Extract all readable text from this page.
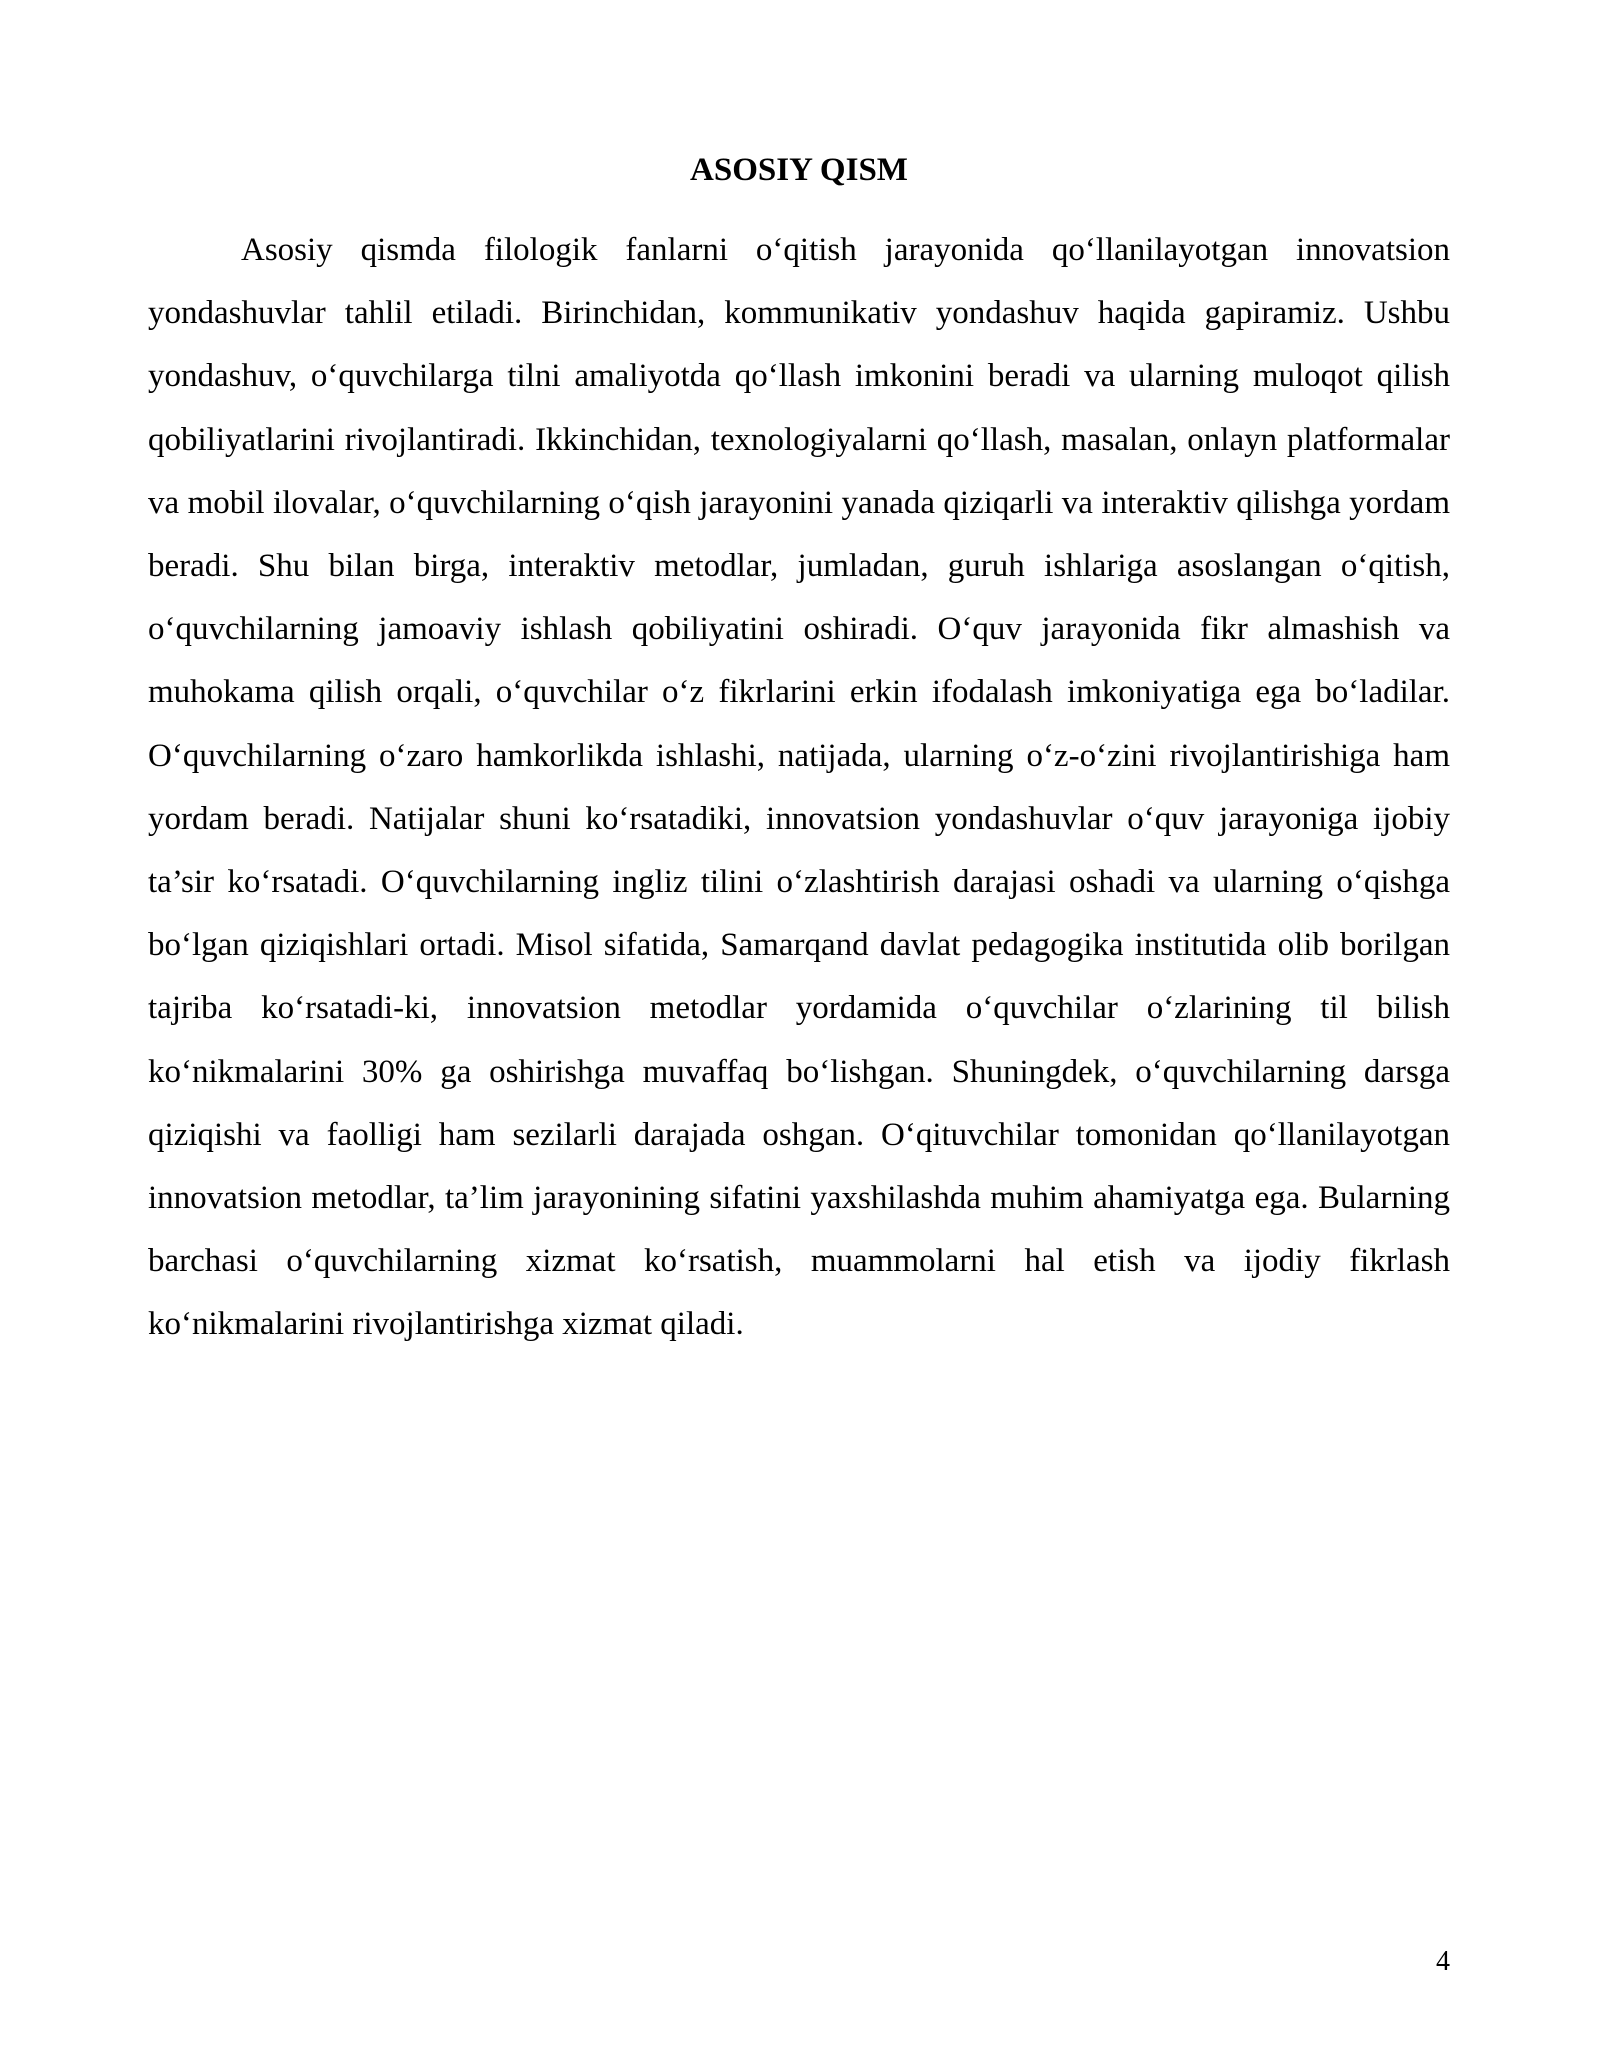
ASOSIY QISM

Asosiy qismda filologik fanlarni o‘qitish jarayonida qo‘llanilayotgan innovatsion yondashuvlar tahlil etiladi. Birinchidan, kommunikativ yondashuv haqida gapiramiz. Ushbu yondashuv, o‘quvchilarga tilni amaliyotda qo‘llash imkonini beradi va ularning muloqot qilish qobiliyatlarini rivojlantiradi. Ikkinchidan, texnologiyalarni qo‘llash, masalan, onlayn platformalar va mobil ilovalar, o‘quvchilarning o‘qish jarayonini yanada qiziqarli va interaktiv qilishga yordam beradi. Shu bilan birga, interaktiv metodlar, jumladan, guruh ishlariga asoslangan o‘qitish, o‘quvchilarning jamoaviy ishlash qobiliyatini oshiradi. O‘quv jarayonida fikr almashish va muhokama qilish orqali, o‘quvchilar o‘z fikrlarini erkin ifodalash imkoniyatiga ega bo‘ladilar. O‘quvchilarning o‘zaro hamkorlikda ishlashi, natijada, ularning o‘z-o‘zini rivojlantirishiga ham yordam beradi. Natijalar shuni ko‘rsatadiki, innovatsion yondashuvlar o‘quv jarayoniga ijobiy ta’sir ko‘rsatadi. O‘quvchilarning ingliz tilini o‘zlashtirish darajasi oshadi va ularning o‘qishga bo‘lgan qiziqishlari ortadi. Misol sifatida, Samarqand davlat pedagogika institutida olib borilgan tajriba ko‘rsatadi-ki, innovatsion metodlar yordamida o‘quvchilar o‘zlarining til bilish ko‘nikmalarini 30% ga oshirishga muvaffaq bo‘lishgan. Shuningdek, o‘quvchilarning darsga qiziqishi va faolligi ham sezilarli darajada oshgan. O‘qituvchilar tomonidan qo‘llanilayotgan innovatsion metodlar, ta’lim jarayonining sifatini yaxshilashda muhim ahamiyatga ega. Bularning barchasi o‘quvchilarning xizmat ko‘rsatish, muammolarni hal etish va ijodiy fikrlash ko‘nikmalarini rivojlantirishga xizmat qiladi.

4
